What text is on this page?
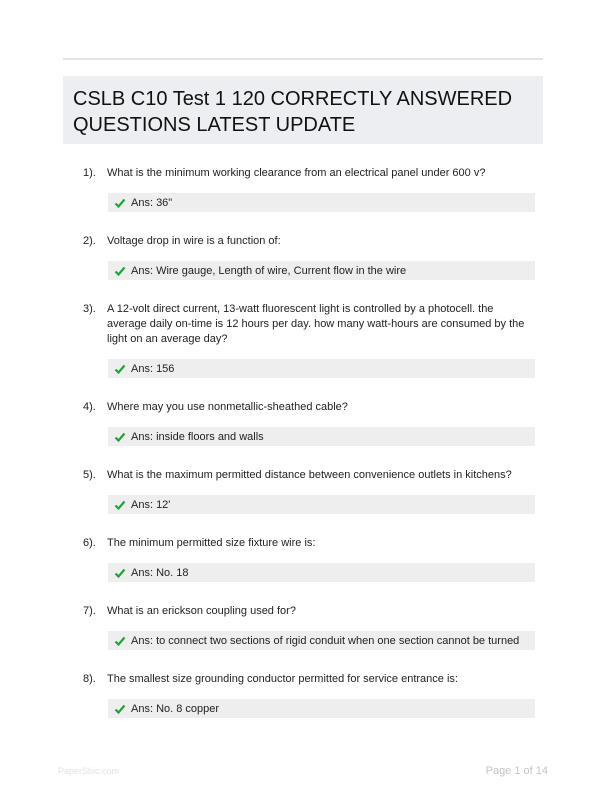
CSLB C10 Test 1 120 CORRECTLY ANSWERED QUESTIONS LATEST UPDATE
1).	What is the minimum working clearance from an electrical panel under 600 v?

Ans: 36"
2).	Voltage drop in wire is a function of:

Ans: Wire gauge, Length of wire, Current flow in the wire
3).	A 12-volt direct current, 13-watt fluorescent light is controlled by a photocell. the average daily on-time is 12 hours per day. how many watt-hours are consumed by the light on an average day?

Ans: 156
4).	Where may you use nonmetallic-sheathed cable?

Ans: inside floors and walls
5).	What is the maximum permitted distance between convenience outlets in kitchens?

Ans: 12'
6).	The minimum permitted size fixture wire is:

Ans: No. 18
7).	What is an erickson coupling used for?

Ans: to connect two sections of rigid conduit when one section cannot be turned
8).	The smallest size grounding conductor permitted for service entrance is:

Ans: No. 8 copper
PaperSbic.com	Page 1 of 14
